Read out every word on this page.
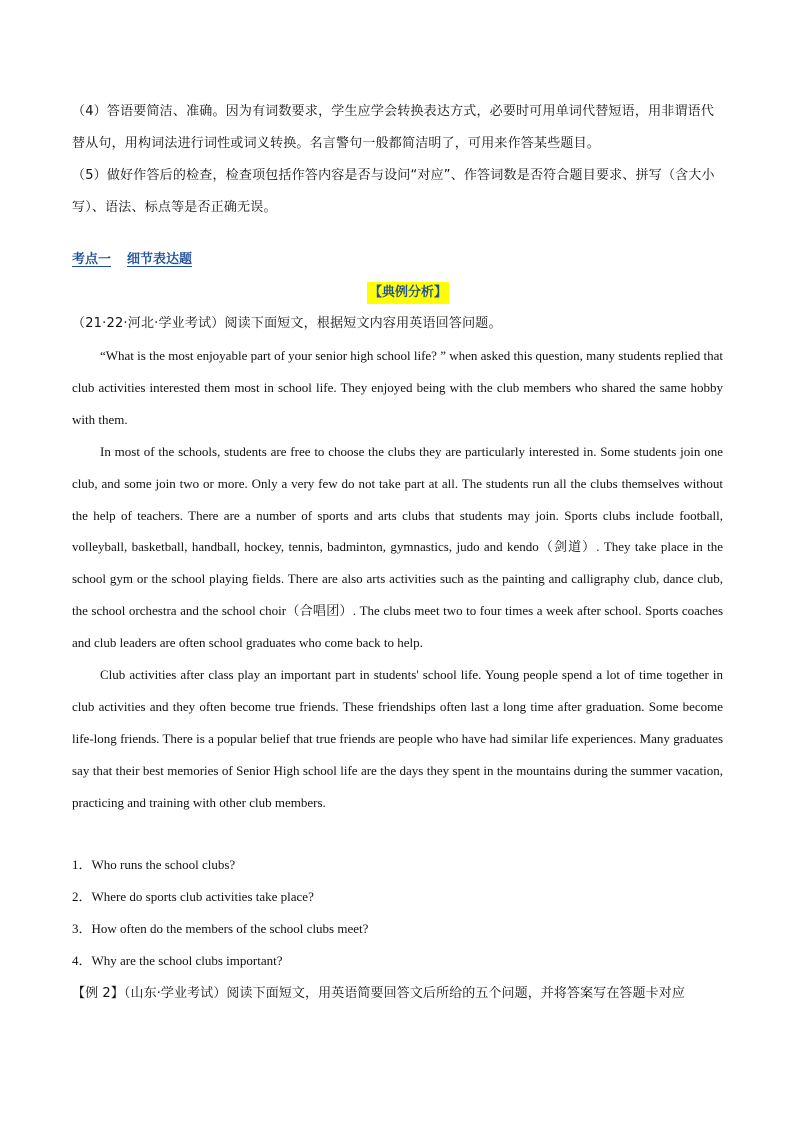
（4）答语要简洁、准确。因为有词数要求，学生应学会转换表达方式，必要时可用单词代替短语，用非谓语代替从句，用构词法进行词性或词义转换。名言警句一般都简洁明了，可用来作答某些题目。
（5）做好作答后的检查，检查项包括作答内容是否与设问“对应”、作答词数是否符合题目要求、拼写（含大小写）、语法、标点等是否正确无误。
考点一 细节表达题
【典例分析】
（21·22·河北·学业考试）阅读下面短文，根据短文内容用英语回答问题。

“What is the most enjoyable part of your senior high school life? ” when asked this question, many students replied that club activities interested them most in school life. They enjoyed being with the club members who shared the same hobby with them.

In most of the schools, students are free to choose the clubs they are particularly interested in. Some students join one club, and some join two or more. Only a very few do not take part at all. The students run all the clubs themselves without the help of teachers. There are a number of sports and arts clubs that students may join. Sports clubs include football, volleyball, basketball, handball, hockey, tennis, badminton, gymnastics, judo and kendo（剑道）. They take place in the school gym or the school playing fields. There are also arts activities such as the painting and calligraphy club, dance club, the school orchestra and the school choir（合唱团）. The clubs meet two to four times a week after school. Sports coaches and club leaders are often school graduates who come back to help.

Club activities after class play an important part in students' school life. Young people spend a lot of time together in club activities and they often become true friends. These friendships often last a long time after graduation. Some become life-long friends. There is a popular belief that true friends are people who have had similar life experiences. Many graduates say that their best memories of Senior High school life are the days they spent in the mountains during the summer vacation, practicing and training with other club members.

1．Who runs the school clubs?
2．Where do sports club activities take place?
3．How often do the members of the school clubs meet?
4．Why are the school clubs important?
【例 2】（山东·学业考试）阅读下面短文，用英语简要回答文后所给的五个问题，并将答案写在答题卡对应
